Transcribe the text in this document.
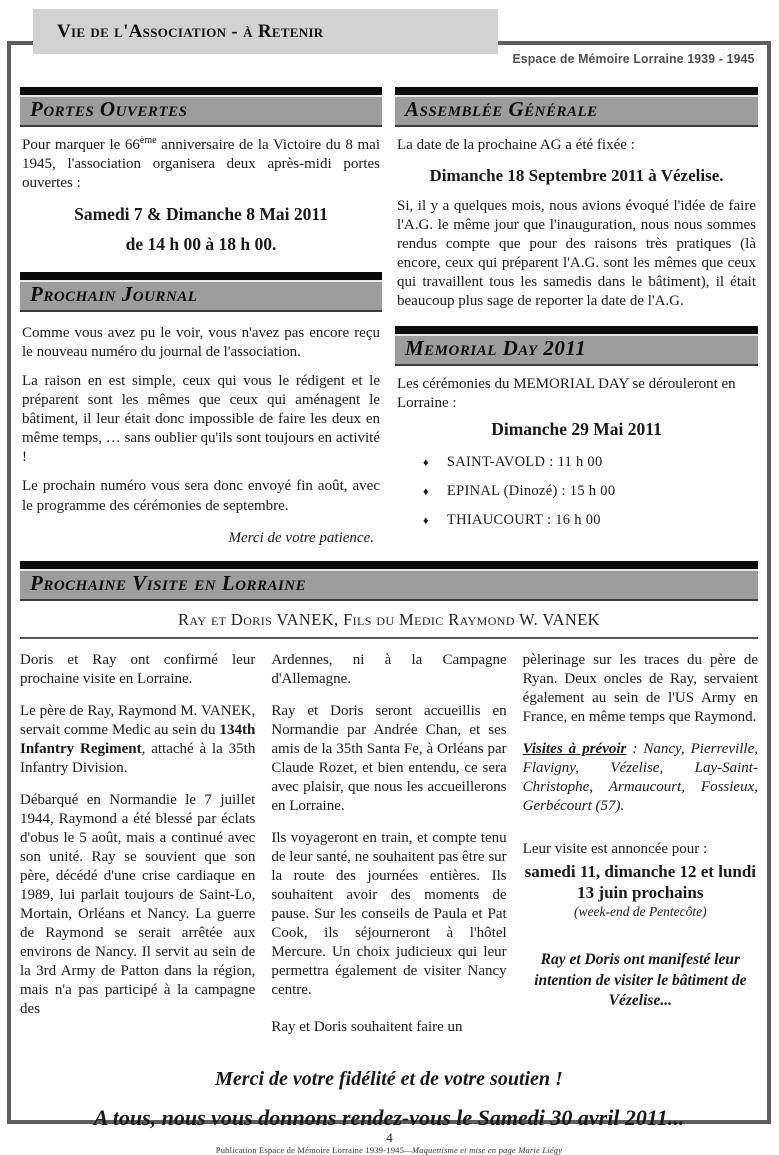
Vie de l'Association - à Retenir
Espace de Mémoire Lorraine 1939 - 1945
Portes Ouvertes

Pour marquer le 66ème anniversaire de la Victoire du 8 mai 1945, l'association organisera deux après-midi portes ouvertes :

Samedi 7 & Dimanche 8 Mai 2011
de 14 h 00 à 18 h 00.
Prochain Journal

Comme vous avez pu le voir, vous n'avez pas encore reçu le nouveau numéro du journal de l'association.

La raison en est simple, ceux qui vous le rédigent et le préparent sont les mêmes que ceux qui aménagent le bâtiment, il leur était donc impossible de faire les deux en même temps, … sans oublier qu'ils sont toujours en activité !

Le prochain numéro vous sera donc envoyé fin août, avec le programme des cérémonies de septembre.

Merci de votre patience.
Assemblée Générale

La date de la prochaine AG a été fixée :

Dimanche 18 Septembre 2011 à Vézelise.

Si, il y a quelques mois, nous avions évoqué l'idée de faire l'A.G. le même jour que l'inauguration, nous nous sommes rendus compte que pour des raisons très pratiques (là encore, ceux qui préparent l'A.G. sont les mêmes que ceux qui travaillent tous les samedis dans le bâtiment), il était beaucoup plus sage de reporter la date de l'A.G.

Memorial Day 2011

Les cérémonies du MEMORIAL DAY se dérouleront en Lorraine :

Dimanche 29 Mai 2011
♦ SAINT-AVOLD : 11 h 00
♦ EPINAL (Dinozé) : 15 h 00
♦ THIAUCOURT : 16 h 00
Prochaine Visite en Lorraine
Ray et Doris VANEK, Fils du Medic Raymond W. VANEK

Doris et Ray ont confirmé leur prochaine visite en Lorraine.

Le père de Ray, Raymond M. VANEK, servait comme Medic au sein du 134th Infantry Regiment, attaché à la 35th Infantry Division.

Débarqué en Normandie le 7 juillet 1944, Raymond a été blessé par éclats d'obus le 5 août, mais a continué avec son unité. Ray se souvient que son père, décédé d'une crise cardiaque en 1989, lui parlait toujours de Saint-Lo, Mortain, Orléans et Nancy. La guerre de Raymond se serait arrêtée aux environs de Nancy. Il servit au sein de la 3rd Army de Patton dans la région, mais n'a pas participé à la campagne des

Ardennes, ni à la Campagne d'Allemagne.

Ray et Doris seront accueillis en Normandie par Andrée Chan, et ses amis de la 35th Santa Fe, à Orléans par Claude Rozet, et bien entendu, ce sera avec plaisir, que nous les accueillerons en Lorraine.

Ils voyageront en train, et compte tenu de leur santé, ne souhaitent pas être sur la route des journées entières. Ils souhaitent avoir des moments de pause. Sur les conseils de Paula et Pat Cook, ils séjourneront à l'hôtel Mercure. Un choix judicieux qui leur permettra également de visiter Nancy centre.

Ray et Doris souhaitent faire un

pèlerinage sur les traces du père de Ryan. Deux oncles de Ray, servaient également au sein de l'US Army en France, en même temps que Raymond.

Visites à prévoir : Nancy, Pierreville, Flavigny, Vézelise, Lay-Saint-Christophe, Armaucourt, Fossieux, Gerbécourt (57).

Leur visite est annoncée pour :

samedi 11, dimanche 12 et lundi 13 juin prochains
(week-end de Pentecôte)
Ray et Doris ont manifesté leur intention de visiter le bâtiment de Vézelise...
Merci de votre fidélité et de votre soutien !
A tous, nous vous donnons rendez-vous le Samedi 30 avril 2011...
Publication Espace de Mémoire Lorraine 1939-1945—Maquettisme et mise en page Marie Liégy
4
